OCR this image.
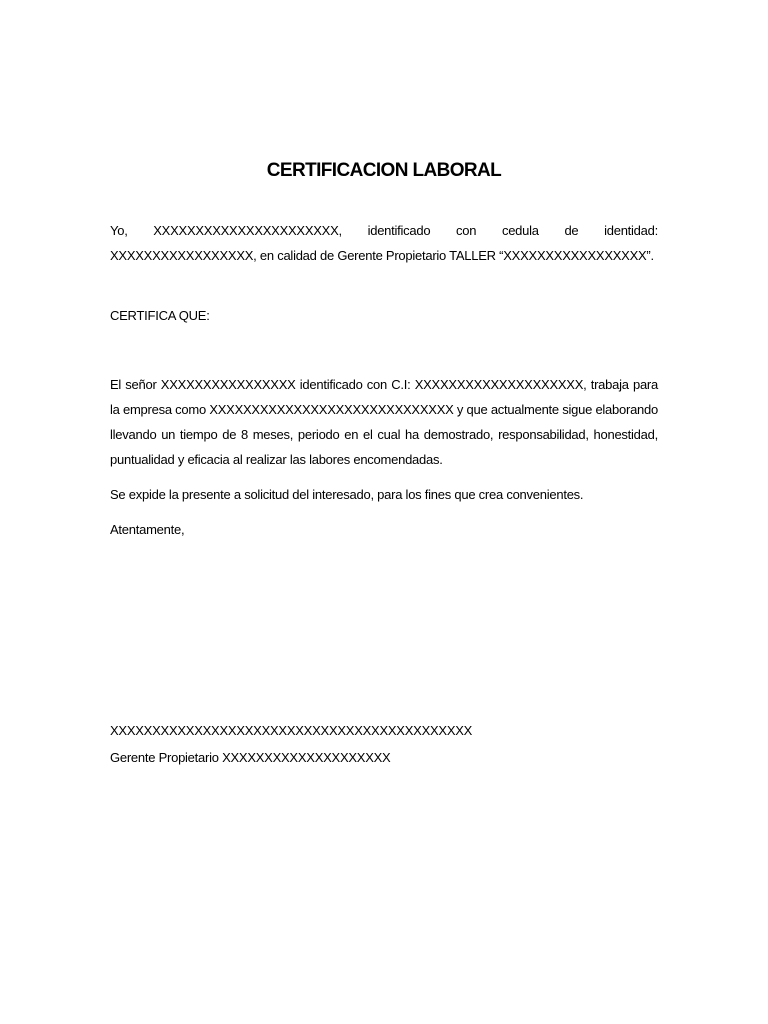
CERTIFICACION LABORAL

Yo, XXXXXXXXXXXXXXXXXXXXXX, identificado con cedula de identidad: XXXXXXXXXXXXXXXXX, en calidad de Gerente Propietario TALLER “XXXXXXXXXXXXXXXXX”.

CERTIFICA QUE:

El señor XXXXXXXXXXXXXXXX identificado con C.I: XXXXXXXXXXXXXXXXXXXX, trabaja para la empresa como XXXXXXXXXXXXXXXXXXXXXXXXXXXXX y que actualmente sigue elaborando llevando un tiempo de 8 meses, periodo en el cual ha demostrado, responsabilidad, honestidad, puntualidad y eficacia al realizar las labores encomendadas.

Se expide la presente a solicitud del interesado, para los fines que crea convenientes.

Atentamente,

XXXXXXXXXXXXXXXXXXXXXXXXXXXXXXXXXXXXXXXXXXX

Gerente Propietario XXXXXXXXXXXXXXXXXXXX
